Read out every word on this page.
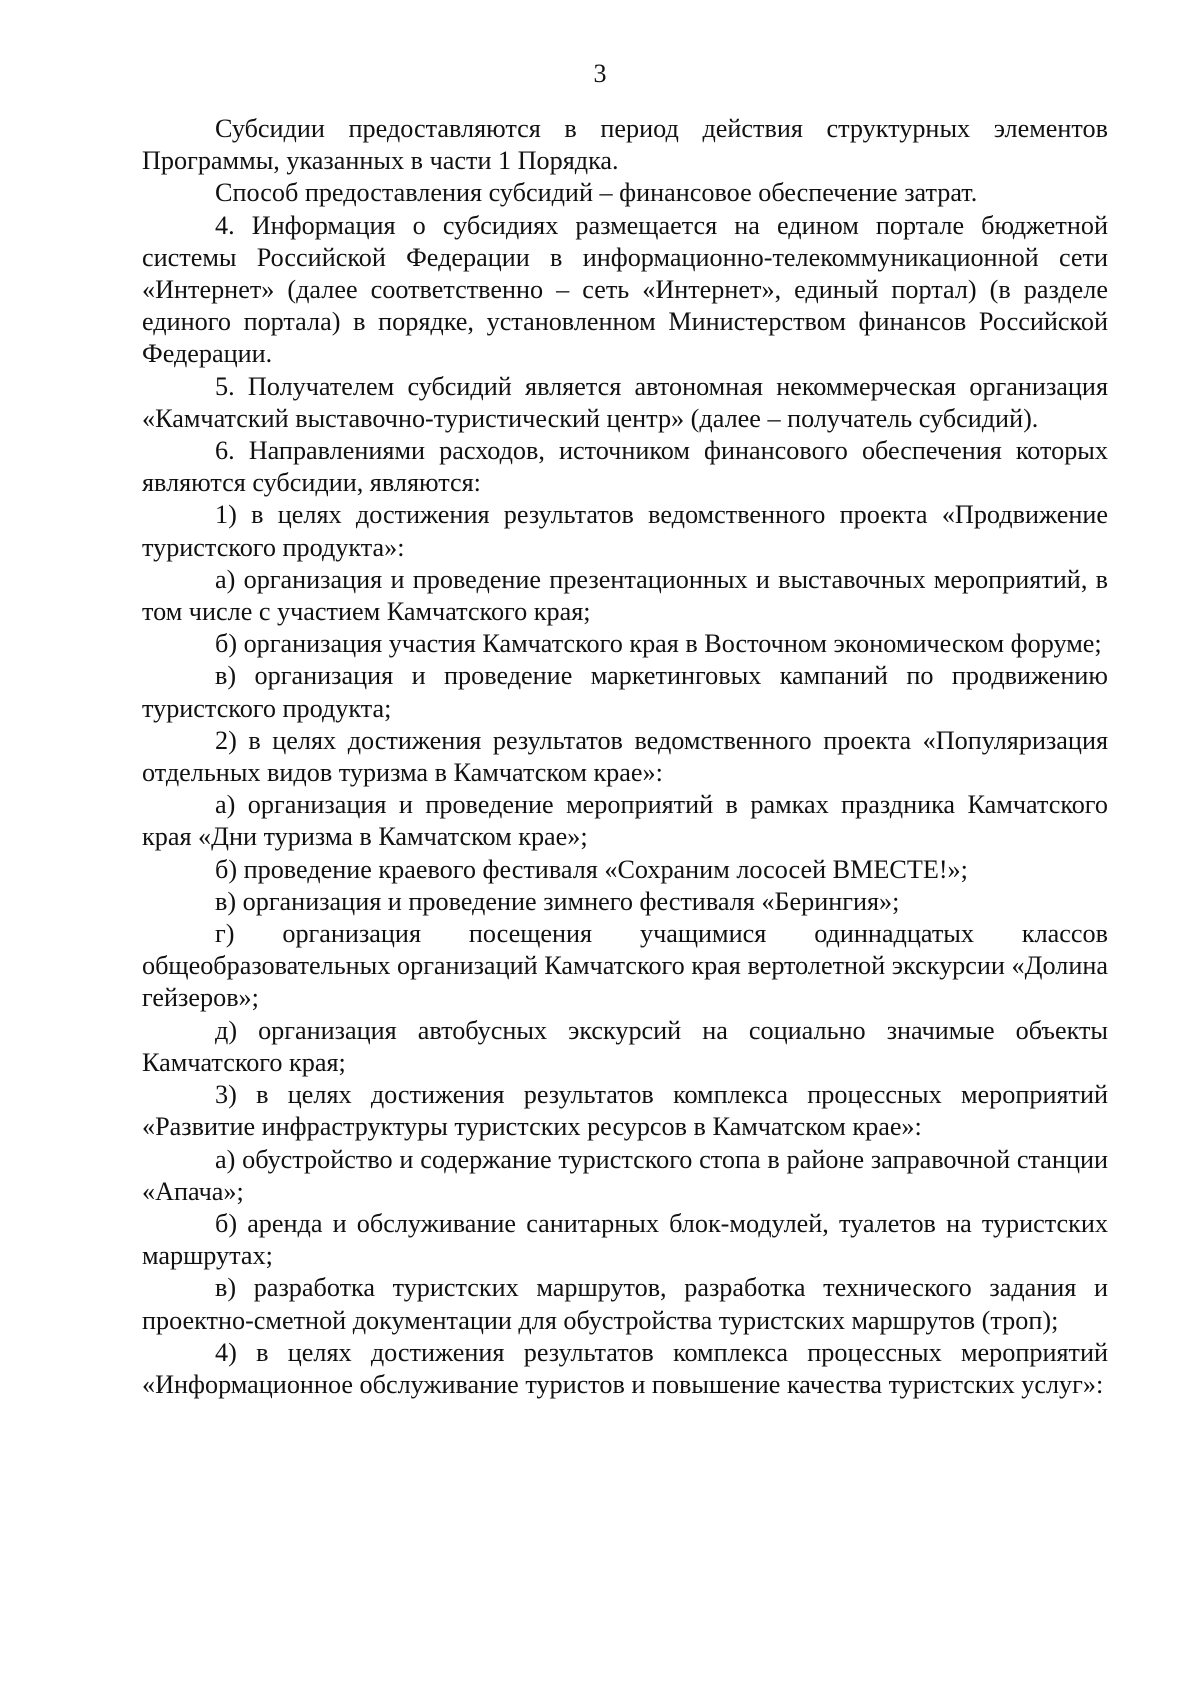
3

Субсидии предоставляются в период действия структурных элементов Программы, указанных в части 1 Порядка.

Способ предоставления субсидий – финансовое обеспечение затрат.

4. Информация о субсидиях размещается на едином портале бюджетной системы Российской Федерации в информационно-телекоммуникационной сети «Интернет» (далее соответственно – сеть «Интернет», единый портал) (в разделе единого портала) в порядке, установленном Министерством финансов Российской Федерации.

5. Получателем субсидий является автономная некоммерческая организация «Камчатский выставочно-туристический центр» (далее – получатель субсидий).

6. Направлениями расходов, источником финансового обеспечения которых являются субсидии, являются:

1) в целях достижения результатов ведомственного проекта «Продвижение туристского продукта»:

а) организация и проведение презентационных и выставочных мероприятий, в том числе с участием Камчатского края;

б) организация участия Камчатского края в Восточном экономическом форуме;

в) организация и проведение маркетинговых кампаний по продвижению туристского продукта;

2) в целях достижения результатов ведомственного проекта «Популяризация отдельных видов туризма в Камчатском крае»:

а) организация и проведение мероприятий в рамках праздника Камчатского края «Дни туризма в Камчатском крае»;

б) проведение краевого фестиваля «Сохраним лососей ВМЕСТЕ!»;

в) организация и проведение зимнего фестиваля «Берингия»;

г) организация посещения учащимися одиннадцатых классов общеобразовательных организаций Камчатского края вертолетной экскурсии «Долина гейзеров»;

д) организация автобусных экскурсий на социально значимые объекты Камчатского края;

3) в целях достижения результатов комплекса процессных мероприятий «Развитие инфраструктуры туристских ресурсов в Камчатском крае»:

а) обустройство и содержание туристского стопа в районе заправочной станции «Апача»;

б) аренда и обслуживание санитарных блок-модулей, туалетов на туристских маршрутах;

в) разработка туристских маршрутов, разработка технического задания и проектно-сметной документации для обустройства туристских маршрутов (троп);

4) в целях достижения результатов комплекса процессных мероприятий «Информационное обслуживание туристов и повышение качества туристских услуг»:
